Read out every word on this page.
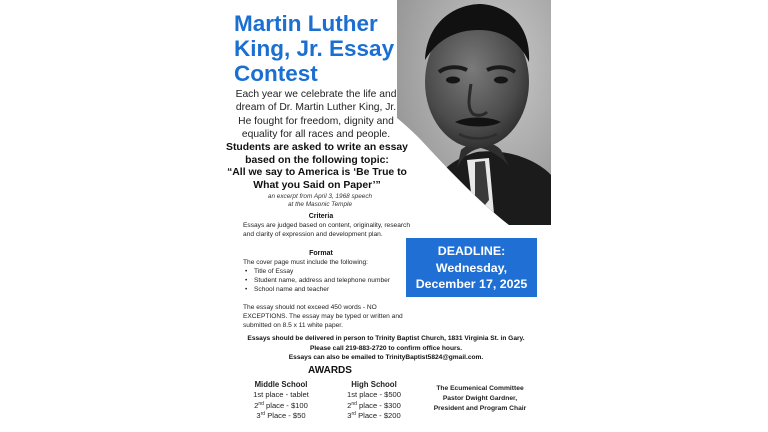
Martin Luther
King, Jr. Essay
Contest
Each year we celebrate the life and
dream of Dr. Martin Luther King, Jr.
He fought for freedom, dignity and
equality for all races and people.
Students are asked to write an essay
based on the following topic:
“All we say to America is ‘Be True to
What you Said on Paper’”
an excerpt from April 3, 1968 speech
at the Masonic Temple
Criteria
Essays are judged based on content, originality, research and clarity of expression and development plan.
Format
The cover page must include the following:
• Title of Essay
• Student name, address and telephone number
• School name and teacher
The essay should not exceed 450 words - NO EXCEPTIONS. The essay may be typed or written and submitted on 8.5 x 11 white paper.
DEADLINE:
Wednesday,
December 17, 2025
Essays should be delivered in person to Trinity Baptist Church, 1831 Virginia St. in Gary.
Please call 219-883-2720 to confirm office hours.
Essays can also be emailed to TrinityBaptist5824@gmail.com.
AWARDS
Middle School
1st place - tablet
2nd place - $100
3rd Place - $50
High School
1st place - $500
2nd place - $300
3rd Place - $200
The Ecumenical Committee
Pastor Dwight Gardner,
President and Program Chair
